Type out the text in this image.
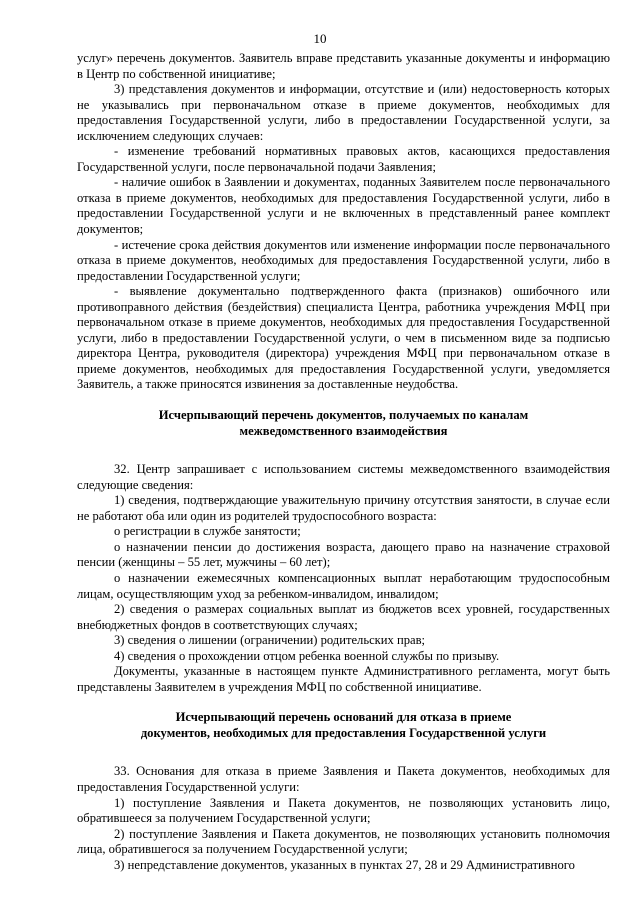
10

услуг» перечень документов. Заявитель вправе представить указанные документы и информацию в Центр по собственной инициативе;

3) представления документов и информации, отсутствие и (или) недостоверность которых не указывались при первоначальном отказе в приеме документов, необходимых для предоставления Государственной услуги, либо в предоставлении Государственной услуги, за исключением следующих случаев:

- изменение требований нормативных правовых актов, касающихся предоставления Государственной услуги, после первоначальной подачи Заявления;

- наличие ошибок в Заявлении и документах, поданных Заявителем после первоначального отказа в приеме документов, необходимых для предоставления Государственной услуги, либо в предоставлении Государственной услуги и не включенных в представленный ранее комплект документов;

- истечение срока действия документов или изменение информации после первоначального отказа в приеме документов, необходимых для предоставления Государственной услуги, либо в предоставлении Государственной услуги;

- выявление документально подтвержденного факта (признаков) ошибочного или противоправного действия (бездействия) специалиста Центра, работника учреждения МФЦ при первоначальном отказе в приеме документов, необходимых для предоставления Государственной услуги, либо в предоставлении Государственной услуги, о чем в письменном виде за подписью директора Центра, руководителя (директора) учреждения МФЦ при первоначальном отказе в приеме документов, необходимых для предоставления Государственной услуги, уведомляется Заявитель, а также приносятся извинения за доставленные неудобства.

Исчерпывающий перечень документов, получаемых по каналам

межведомственного взаимодействия

32. Центр запрашивает с использованием системы межведомственного взаимодействия следующие сведения:

1) сведения, подтверждающие уважительную причину отсутствия занятости, в случае если не работают оба или один из родителей трудоспособного возраста:

о регистрации в службе занятости;

о назначении пенсии до достижения возраста, дающего право на назначение страховой пенсии (женщины – 55 лет, мужчины – 60 лет);

о назначении ежемесячных компенсационных выплат неработающим трудоспособным лицам, осуществляющим уход за ребенком-инвалидом, инвалидом;

2) сведения о размерах социальных выплат из бюджетов всех уровней, государственных внебюджетных фондов в соответствующих случаях;

3) сведения о лишении (ограничении) родительских прав;

4) сведения о прохождении отцом ребенка военной службы по призыву.

Документы, указанные в настоящем пункте Административного регламента, могут быть представлены Заявителем в учреждения МФЦ по собственной инициативе.

Исчерпывающий перечень оснований для отказа в приеме

документов, необходимых для предоставления Государственной услуги

33. Основания для отказа в приеме Заявления и Пакета документов, необходимых для предоставления Государственной услуги:

1) поступление Заявления и Пакета документов, не позволяющих установить лицо, обратившееся за получением Государственной услуги;

2) поступление Заявления и Пакета документов, не позволяющих установить полномочия лица, обратившегося за получением Государственной услуги;

3) непредставление документов, указанных в пунктах 27, 28 и 29 Административного
